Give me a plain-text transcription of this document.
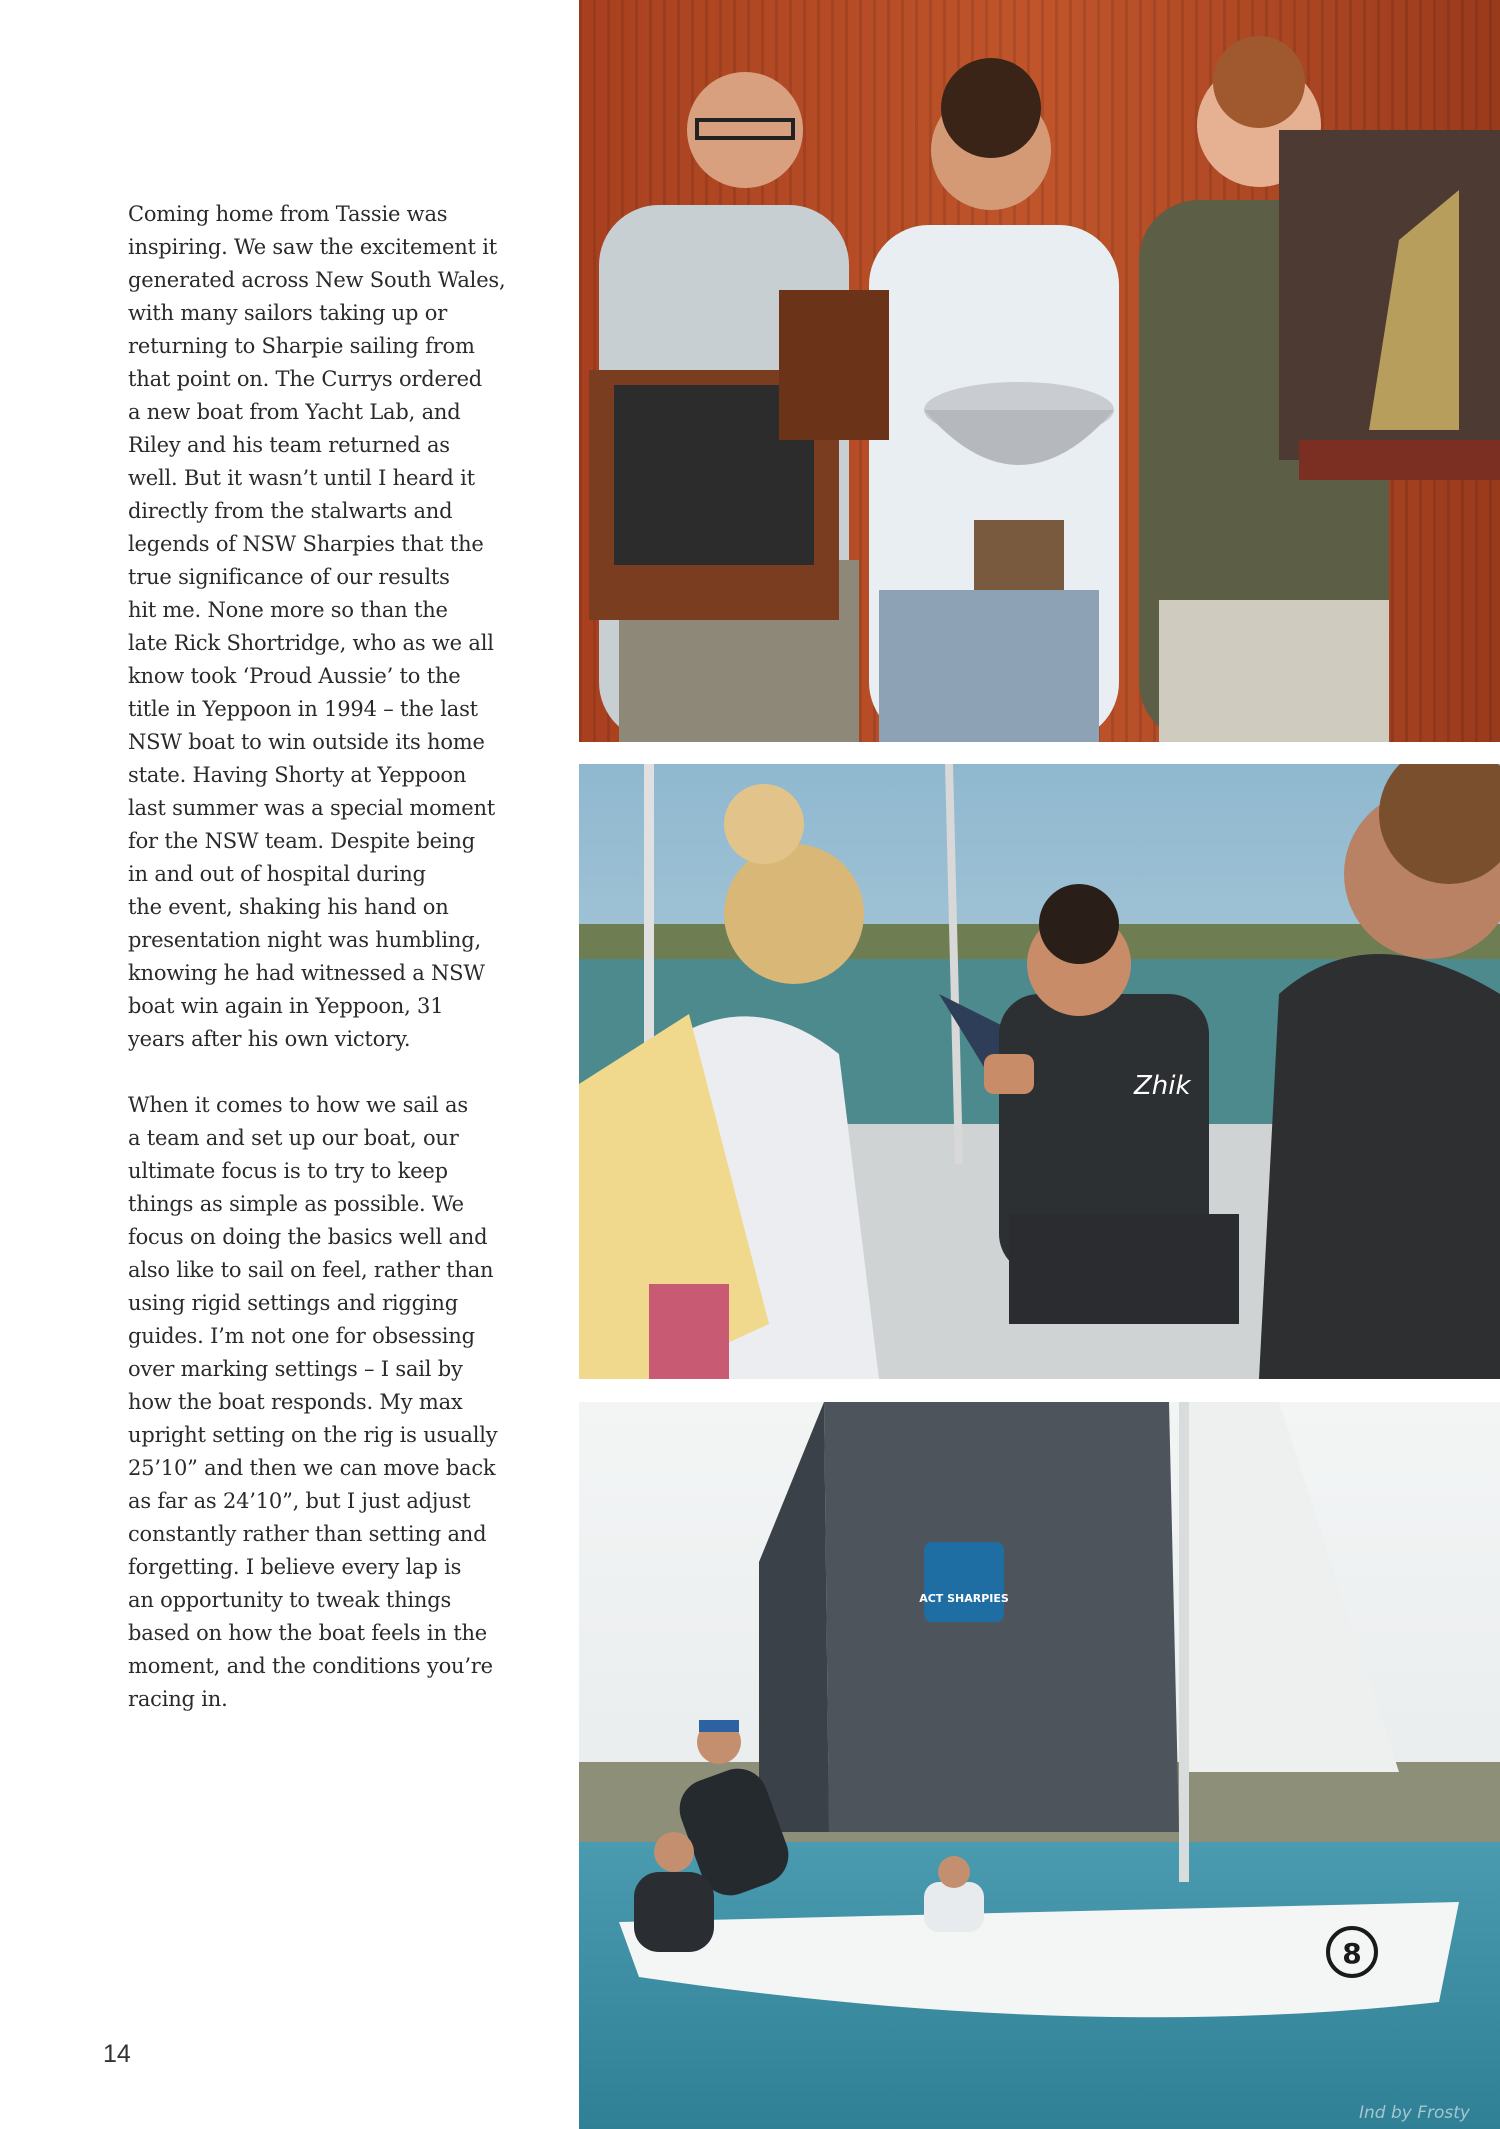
Coming home from Tassie was
inspiring. We saw the excitement it
generated across New South Wales,
with many sailors taking up or
returning to Sharpie sailing from
that point on. The Currys ordered
a new boat from Yacht Lab, and
Riley and his team returned as
well. But it wasn’t until I heard it
directly from the stalwarts and
legends of NSW Sharpies that the
true significance of our results
hit me. None more so than the
late Rick Shortridge, who as we all
know took ‘Proud Aussie’ to the
title in Yeppoon in 1994 – the last
NSW boat to win outside its home
state. Having Shorty at Yeppoon
last summer was a special moment
for the NSW team. Despite being
in and out of hospital during
the event, shaking his hand on
presentation night was humbling,
knowing he had witnessed a NSW
boat win again in Yeppoon, 31
years after his own victory.

When it comes to how we sail as
a team and set up our boat, our
ultimate focus is to try to keep
things as simple as possible. We
focus on doing the basics well and
also like to sail on feel, rather than
using rigid settings and rigging
guides. I’m not one for obsessing
over marking settings – I sail by
how the boat responds. My max
upright setting on the rig is usually
25’10” and then we can move back
as far as 24’10”, but I just adjust
constantly rather than setting and
forgetting. I believe every lap is
an opportunity to tweak things
based on how the boat feels in the
moment, and the conditions you’re
racing in.

14
Zhik
ACT SHARPIES
8
Ind by Frosty
